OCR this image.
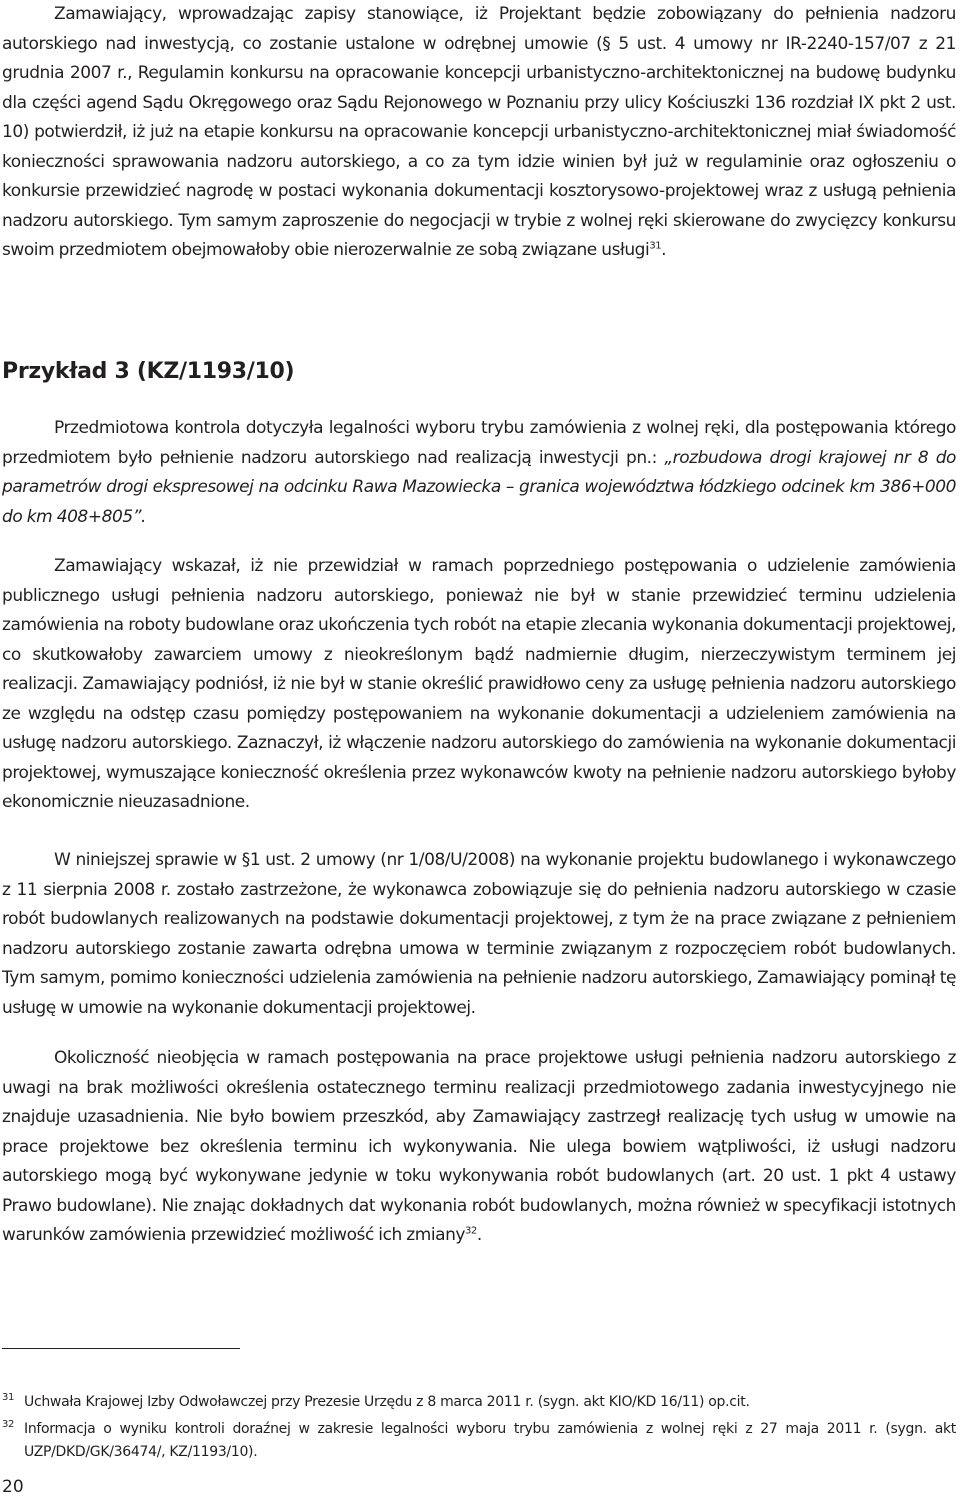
Zamawiający, wprowadzając zapisy stanowiące, iż Projektant będzie zobowiązany do pełnienia nadzoru autorskiego nad inwestycją, co zostanie ustalone w odrębnej umowie (§ 5 ust. 4 umowy nr IR-2240-157/07 z 21 grudnia 2007 r., Regulamin konkursu na opracowanie koncepcji urbanistyczno-architektonicznej na budowę budynku dla części agend Sądu Okręgowego oraz Sądu Rejonowego w Poznaniu przy ulicy Kościuszki 136 rozdział IX pkt 2 ust. 10) potwierdził, iż już na etapie konkursu na opracowanie koncepcji urbanistyczno-architektonicznej miał świadomość konieczności sprawowania nadzoru autorskiego, a co za tym idzie winien był już w regulaminie oraz ogłoszeniu o konkursie przewidzieć nagrodę w postaci wykonania dokumentacji kosztorysowo-projektowej wraz z usługą pełnienia nadzoru autorskiego. Tym samym zaproszenie do negocjacji w trybie z wolnej ręki skierowane do zwycięzcy konkursu swoim przedmiotem obejmowałoby obie nierozerwalnie ze sobą związane usługi$^{31}$.

Przykład 3 (KZ/1193/10)

Przedmiotowa kontrola dotyczyła legalności wyboru trybu zamówienia z wolnej ręki, dla postępowania którego przedmiotem było pełnienie nadzoru autorskiego nad realizacją inwestycji pn.: „rozbudowa drogi krajowej nr 8 do parametrów drogi ekspresowej na odcinku Rawa Mazowiecka – granica województwa łódzkiego odcinek km 386+000 do km 408+805”.

Zamawiający wskazał, iż nie przewidział w ramach poprzedniego postępowania o udzielenie zamówienia publicznego usługi pełnienia nadzoru autorskiego, ponieważ nie był w stanie przewidzieć terminu udzielenia zamówienia na roboty budowlane oraz ukończenia tych robót na etapie zlecania wykonania dokumentacji projektowej, co skutkowałoby zawarciem umowy z nieokreślonym bądź nadmiernie długim, nierzeczywistym terminem jej realizacji. Zamawiający podniósł, iż nie był w stanie określić prawidłowo ceny za usługę pełnienia nadzoru autorskiego ze względu na odstęp czasu pomiędzy postępowaniem na wykonanie dokumentacji a udzieleniem zamówienia na usługę nadzoru autorskiego. Zaznaczył, iż włączenie nadzoru autorskiego do zamówienia na wykonanie dokumentacji projektowej, wymuszające konieczność określenia przez wykonawców kwoty na pełnienie nadzoru autorskiego byłoby ekonomicznie nieuzasadnione.

W niniejszej sprawie w §1 ust. 2 umowy (nr 1/08/U/2008) na wykonanie projektu budowlanego i wykonawczego z 11 sierpnia 2008 r. zostało zastrzeżone, że wykonawca zobowiązuje się do pełnienia nadzoru autorskiego w czasie robót budowlanych realizowanych na podstawie dokumentacji projektowej, z tym że na prace związane z pełnieniem nadzoru autorskiego zostanie zawarta odrębna umowa w terminie związanym z rozpoczęciem robót budowlanych. Tym samym, pomimo konieczności udzielenia zamówienia na pełnienie nadzoru autorskiego, Zamawiający pominął tę usługę w umowie na wykonanie dokumentacji projektowej.

Okoliczność nieobjęcia w ramach postępowania na prace projektowe usługi pełnienia nadzoru autorskiego z uwagi na brak możliwości określenia ostatecznego terminu realizacji przedmiotowego zadania inwestycyjnego nie znajduje uzasadnienia. Nie było bowiem przeszkód, aby Zamawiający zastrzegł realizację tych usług w umowie na prace projektowe bez określenia terminu ich wykonywania. Nie ulega bowiem wątpliwości, iż usługi nadzoru autorskiego mogą być wykonywane jedynie w toku wykonywania robót budowlanych (art. 20 ust. 1 pkt 4 ustawy Prawo budowlane). Nie znając dokładnych dat wykonania robót budowlanych, można również w specyfikacji istotnych warunków zamówienia przewidzieć możliwość ich zmiany$^{32}$.

31 Uchwała Krajowej Izby Odwoławczej przy Prezesie Urzędu z 8 marca 2011 r. (sygn. akt KIO/KD 16/11) op.cit.
32 Informacja o wyniku kontroli doraźnej w zakresie legalności wyboru trybu zamówienia z wolnej ręki z 27 maja 2011 r. (sygn. akt UZP/DKD/GK/36474/, KZ/1193/10).
20
